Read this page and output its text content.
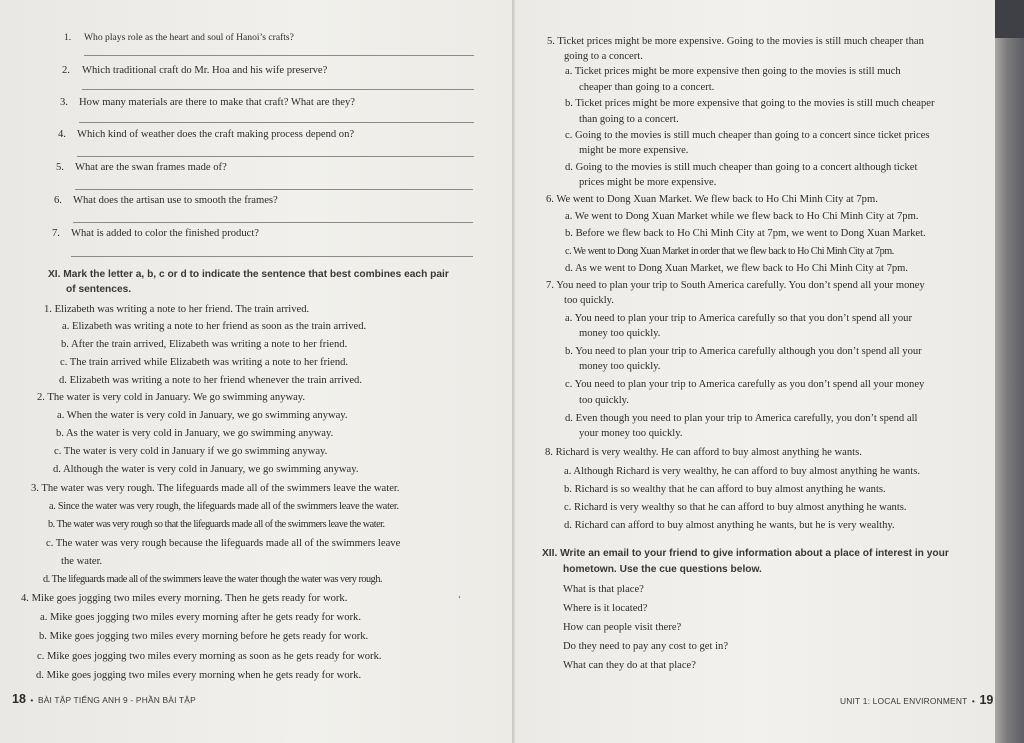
1. Who plays role as the heart and soul of Hanoi’s crafts?
2. Which traditional craft do Mr. Hoa and his wife preserve?
3. How many materials are there to make that craft? What are they?
4. Which kind of weather does the craft making process depend on?
5. What are the swan frames made of?
6. What does the artisan use to smooth the frames?
7. What is added to color the finished product?
XI. Mark the letter a, b, c or d to indicate the sentence that best combines each pair
of sentences.
1. Elizabeth was writing a note to her friend. The train arrived.
a. Elizabeth was writing a note to her friend as soon as the train arrived.
b. After the train arrived, Elizabeth was writing a note to her friend.
c. The train arrived while Elizabeth was writing a note to her friend.
d. Elizabeth was writing a note to her friend whenever the train arrived.
2. The water is very cold in January. We go swimming anyway.
a. When the water is very cold in January, we go swimming anyway.
b. As the water is very cold in January, we go swimming anyway.
c. The water is very cold in January if we go swimming anyway.
d. Although the water is very cold in January, we go swimming anyway.
3. The water was very rough. The lifeguards made all of the swimmers leave the water.
a. Since the water was very rough, the lifeguards made all of the swimmers leave the water.
b. The water was very rough so that the lifeguards made all of the swimmers leave the water.
c. The water was very rough because the lifeguards made all of the swimmers leave
the water.
d. The lifeguards made all of the swimmers leave the water though the water was very rough.
4. Mike goes jogging two miles every morning. Then he gets ready for work.	ʻ
a. Mike goes jogging two miles every morning after he gets ready for work.
b. Mike goes jogging two miles every morning before he gets ready for work.
c. Mike goes jogging two miles every morning as soon as he gets ready for work.
d. Mike goes jogging two miles every morning when he gets ready for work.
18 • BÀI TẬP TIẾNG ANH 9 - PHẦN BÀI TẬP
5. Ticket prices might be more expensive. Going to the movies is still much cheaper than
going to a concert.
a. Ticket prices might be more expensive then going to the movies is still much
cheaper than going to a concert.
b. Ticket prices might be more expensive that going to the movies is still much cheaper
than going to a concert.
c. Going to the movies is still much cheaper than going to a concert since ticket prices
might be more expensive.
d. Going to the movies is still much cheaper than going to a concert although ticket
prices might be more expensive.
6. We went to Dong Xuan Market. We flew back to Ho Chi Minh City at 7pm.
a. We went to Dong Xuan Market while we flew back to Ho Chi Minh City at 7pm.
b. Before we flew back to Ho Chi Minh City at 7pm, we went to Dong Xuan Market.
c. We went to Dong Xuan Market in order that we flew back to Ho Chi Minh City at 7pm.
d. As we went to Dong Xuan Market, we flew back to Ho Chi Minh City at 7pm.
7. You need to plan your trip to South America carefully. You don’t spend all your money
too quickly.
a. You need to plan your trip to America carefully so that you don’t spend all your
money too quickly.
b. You need to plan your trip to America carefully although you don’t spend all your
money too quickly.
c. You need to plan your trip to America carefully as you don’t spend all your money
too quickly.
d. Even though you need to plan your trip to America carefully, you don’t spend all
your money too quickly.
8. Richard is very wealthy. He can afford to buy almost anything he wants.
a. Although Richard is very wealthy, he can afford to buy almost anything he wants.
b. Richard is so wealthy that he can afford to buy almost anything he wants.
c. Richard is very wealthy so that he can afford to buy almost anything he wants.
d. Richard can afford to buy almost anything he wants, but he is very wealthy.
XII. Write an email to your friend to give information about a place of interest in your
hometown. Use the cue questions below.
What is that place?
Where is it located?
How can people visit there?
Do they need to pay any cost to get in?
What can they do at that place?
UNIT 1: LOCAL ENVIRONMENT • 19
